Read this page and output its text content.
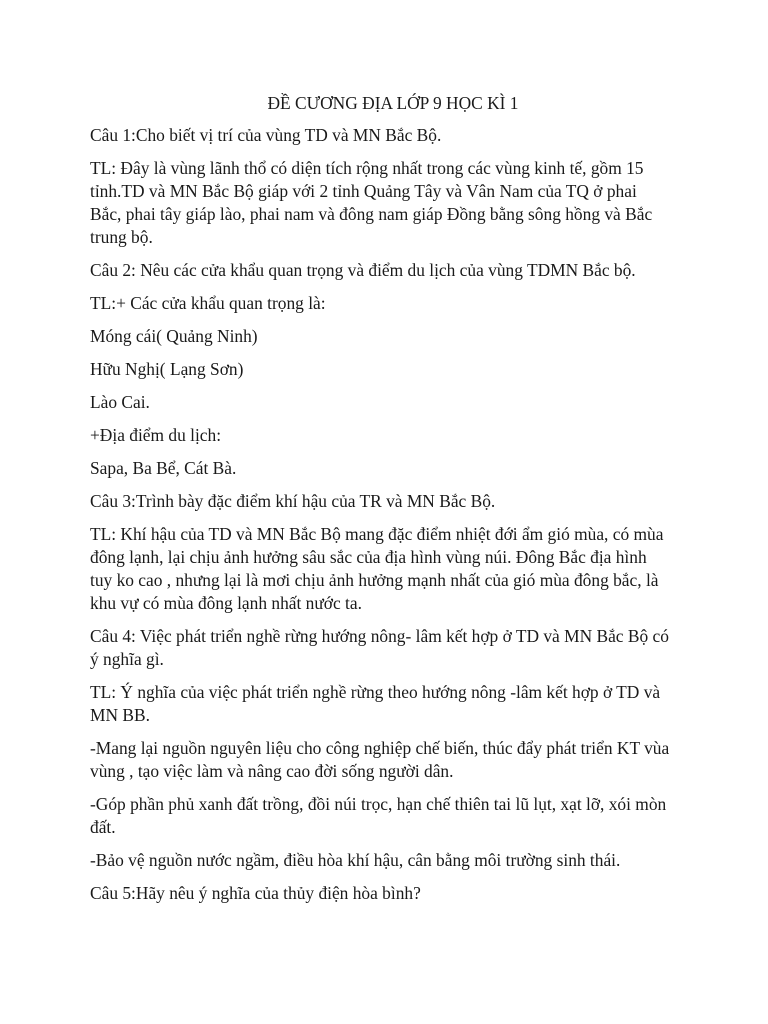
ĐỀ CƯƠNG ĐỊA LỚP 9 HỌC KÌ 1
Câu 1:Cho biết vị trí của vùng TD và MN Bắc Bộ.
TL: Đây là vùng lãnh thổ có diện tích rộng nhất trong các vùng kinh tế, gồm 15
tỉnh.TD và MN Bắc Bộ giáp với 2 tỉnh Quảng Tây và Vân Nam của TQ ở phai
Bắc, phai tây giáp lào, phai nam và đông nam giáp Đồng bằng sông hồng và Bắc
trung bộ.
Câu 2: Nêu các cửa khẩu quan trọng và điểm du lịch của vùng TDMN Bắc bộ.
TL:+ Các cửa khẩu quan trọng là:
Móng cái( Quảng Ninh)
Hữu Nghị( Lạng Sơn)
Lào Cai.
+Địa điểm du lịch:
Sapa, Ba Bể, Cát Bà.
Câu 3:Trình bày đặc điểm khí hậu của TR và MN Bắc Bộ.
TL: Khí hậu của TD và MN Bắc Bộ mang đặc điểm nhiệt đới ẩm gió mùa, có mùa
đông lạnh, lại chịu ảnh hưởng sâu sắc của địa hình vùng núi. Đông Bắc địa hình
tuy ko cao , nhưng lại là mơi chịu ảnh hưởng mạnh nhất của gió mùa đông bắc, là
khu vự có mùa đông lạnh nhất nước ta.
Câu 4: Việc phát triển nghề rừng hướng nông- lâm kết hợp ở TD và MN Bắc Bộ có
ý nghĩa gì.
TL: Ý nghĩa của việc phát triển nghề rừng theo hướng nông -lâm kết hợp ở TD và
MN BB.
-Mang lại nguồn nguyên liệu cho công nghiệp chế biến, thúc đẩy phát triển KT vùa
vùng , tạo việc làm và nâng cao đời sống người dân.
-Góp phần phủ xanh đất trồng, đồi núi trọc, hạn chế thiên tai lũ lụt, xạt lỡ, xói mòn
đất.
-Bảo vệ nguồn nước ngầm, điều hòa khí hậu, cân bằng môi trường sinh thái.
Câu 5:Hãy nêu ý nghĩa của thủy điện hòa bình?
